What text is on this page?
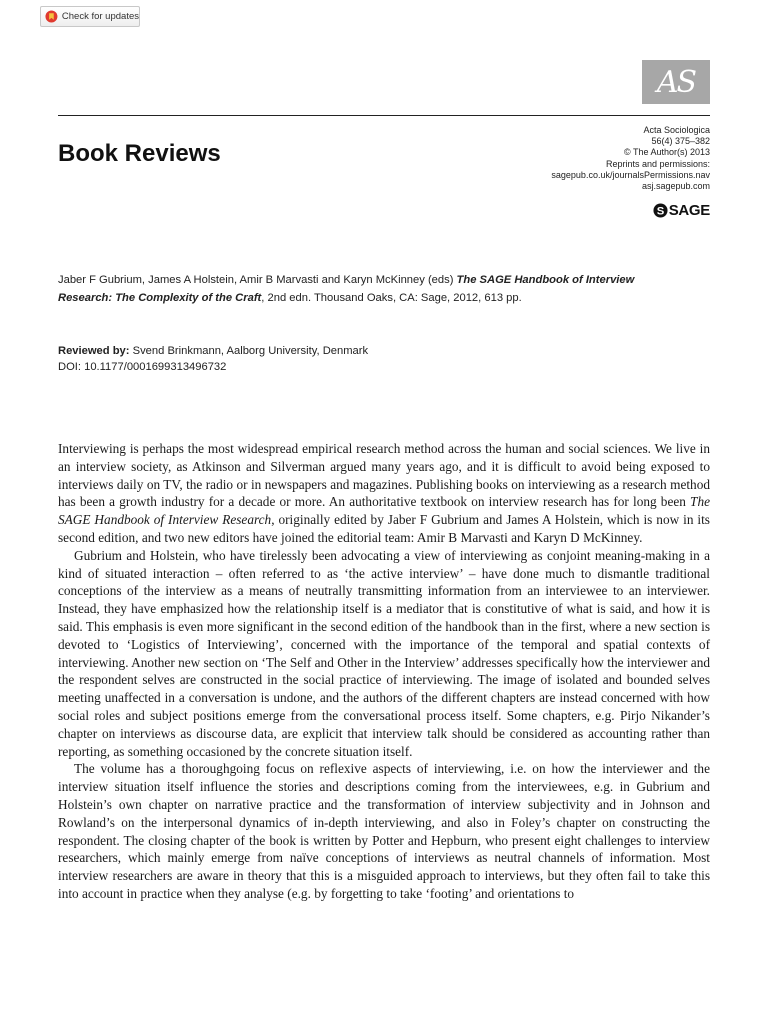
Check for updates
AS
Book Reviews
Acta Sociologica
56(4) 375–382
© The Author(s) 2013
Reprints and permissions:
sagepub.co.uk/journalsPermissions.nav
asj.sagepub.com
S SAGE
Jaber F Gubrium, James A Holstein, Amir B Marvasti and Karyn McKinney (eds) The SAGE Handbook of Interview Research: The Complexity of the Craft, 2nd edn. Thousand Oaks, CA: Sage, 2012, 613 pp.
Reviewed by: Svend Brinkmann, Aalborg University, Denmark
DOI: 10.1177/0001699313496732

Interviewing is perhaps the most widespread empirical research method across the human and social sciences. We live in an interview society, as Atkinson and Silverman argued many years ago, and it is difficult to avoid being exposed to interviews daily on TV, the radio or in newspapers and magazines. Publishing books on interviewing as a research method has been a growth industry for a decade or more. An authoritative textbook on interview research has for long been The SAGE Handbook of Interview Research, originally edited by Jaber F Gubrium and James A Holstein, which is now in its second edition, and two new editors have joined the editorial team: Amir B Marvasti and Karyn D McKinney.

Gubrium and Holstein, who have tirelessly been advocating a view of interviewing as conjoint meaning-making in a kind of situated interaction – often referred to as ‘the active interview’ – have done much to dismantle traditional conceptions of the interview as a means of neutrally transmitting information from an interviewee to an interviewer. Instead, they have emphasized how the relationship itself is a mediator that is constitutive of what is said, and how it is said. This emphasis is even more significant in the second edition of the handbook than in the first, where a new section is devoted to ‘Logistics of Interviewing’, concerned with the importance of the temporal and spatial contexts of interviewing. Another new section on ‘The Self and Other in the Interview’ addresses specifically how the interviewer and the respondent selves are constructed in the social practice of interviewing. The image of isolated and bounded selves meeting unaffected in a conversation is undone, and the authors of the different chapters are instead concerned with how social roles and subject positions emerge from the conversational process itself. Some chapters, e.g. Pirjo Nikander’s chapter on interviews as discourse data, are explicit that interview talk should be considered as accounting rather than reporting, as something occasioned by the concrete situation itself.

The volume has a thoroughgoing focus on reflexive aspects of interviewing, i.e. on how the interviewer and the interview situation itself influence the stories and descriptions coming from the interviewees, e.g. in Gubrium and Holstein’s own chapter on narrative practice and the transformation of interview subjectivity and in Johnson and Rowland’s on the interpersonal dynamics of in-depth interviewing, and also in Foley’s chapter on constructing the respondent. The closing chapter of the book is written by Potter and Hepburn, who present eight challenges to interview researchers, which mainly emerge from naïve conceptions of interviews as neutral channels of information. Most interview researchers are aware in theory that this is a misguided approach to interviews, but they often fail to take this into account in practice when they analyse (e.g. by forgetting to take ‘footing’ and orientations to
